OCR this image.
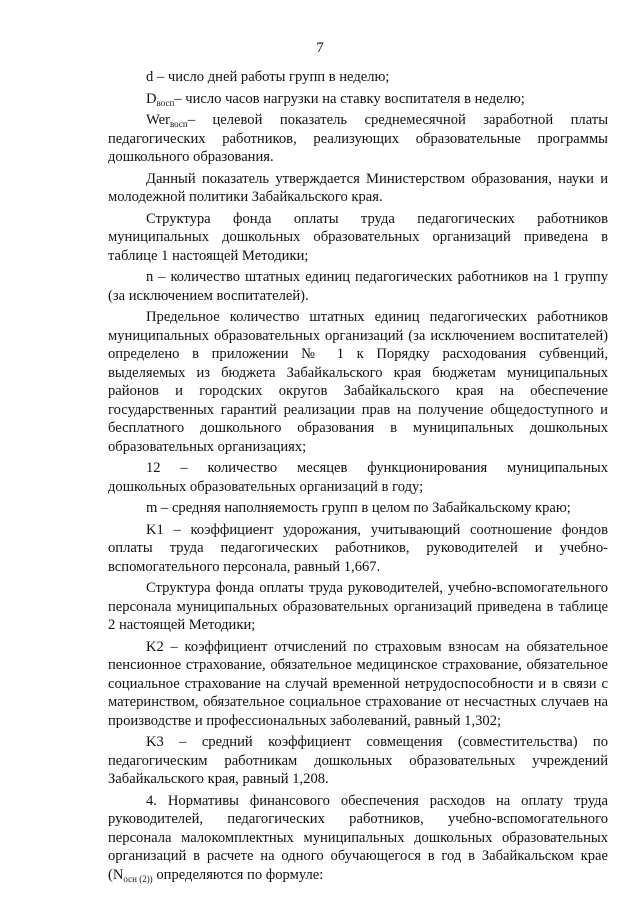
7

d – число дней работы групп в неделю;

$D_{восп}-$ число часов нагрузки на ставку воспитателя в неделю;

Wer$_{восп}$– целевой показатель среднемесячной заработной платы педагогических работников, реализующих образовательные программы дошкольного образования.

Данный показатель утверждается Министерством образования, науки и молодежной политики Забайкальского края.

Структура фонда оплаты труда педагогических работников муниципальных дошкольных образовательных организаций приведена в таблице 1 настоящей Методики;

n – количество штатных единиц педагогических работников на 1 группу (за исключением воспитателей).

Предельное количество штатных единиц педагогических работников муниципальных образовательных организаций (за исключением воспитателей) определено в приложении № 1 к Порядку расходования субвенций, выделяемых из бюджета Забайкальского края бюджетам муниципальных районов и городских округов Забайкальского края на обеспечение государственных гарантий реализации прав на получение общедоступного и бесплатного дошкольного образования в муниципальных дошкольных образовательных организациях;

12 – количество месяцев функционирования муниципальных дошкольных образовательных организаций в году;

m – средняя наполняемость групп в целом по Забайкальскому краю;

K1 – коэффициент удорожания, учитывающий соотношение фондов оплаты труда педагогических работников, руководителей и учебно-вспомогательного персонала, равный 1,667.

Структура фонда оплаты труда руководителей, учебно-вспомогательного персонала муниципальных образовательных организаций приведена в таблице 2 настоящей Методики;

K2 – коэффициент отчислений по страховым взносам на обязательное пенсионное страхование, обязательное медицинское страхование, обязательное социальное страхование на случай временной нетрудоспособности и в связи с материнством, обязательное социальное страхование от несчастных случаев на производстве и профессиональных заболеваний, равный 1,302;

K3 – средний коэффициент совмещения (совместительства) по педагогическим работникам дошкольных образовательных учреждений Забайкальского края, равный 1,208.

4. Нормативы финансового обеспечения расходов на оплату труда руководителей, педагогических работников, учебно-вспомогательного персонала малокомплектных муниципальных дошкольных образовательных организаций в расчете на одного обучающегося в год в Забайкальском крае ($N_{осн (2))}$ определяются по формуле:
